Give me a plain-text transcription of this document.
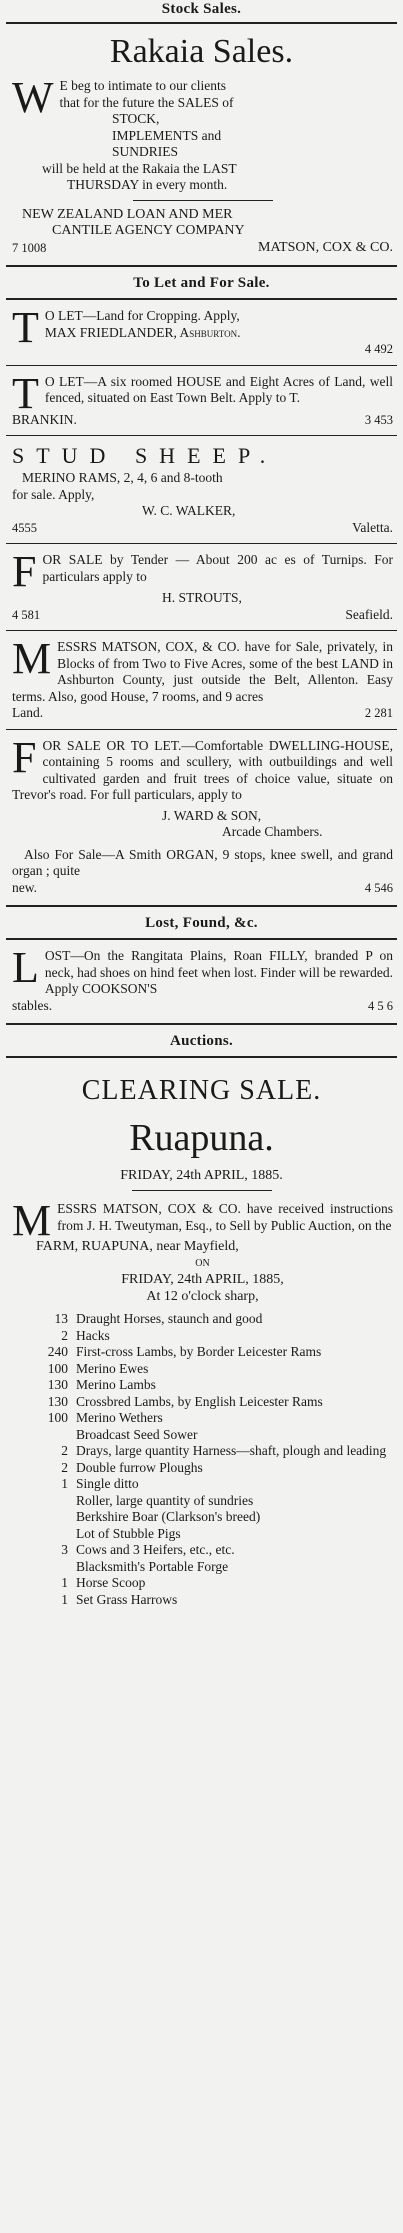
Stock Sales.
Rakaia Sales.
W E beg to intimate to our clients
that for the future the SALES of
STOCK,
IMPLEMENTS and
SUNDRIES
will be held at the Rakaia the LAST
THURSDAY in every month.
NEW ZEALAND LOAN AND MER
CANTILE AGENCY COMPANY
7 1008	MATSON, COX & CO.
To Let and For Sale.
T O LET—Land for Cropping. Apply,
MAX FRIEDLANDER, Ashburton.
4 492
T O LET—A six roomed HOUSE and Eight Acres of Land, well fenced, situated on East Town Belt. Apply to T.
BRANKIN.	3 453
STUD SHEEP.
MERINO RAMS, 2, 4, 6 and 8-tooth
for sale. Apply,
W. C. WALKER,
4555	Valetta.
F OR SALE by Tender — About 200 ac es of Turnips. For particulars apply to
H. STROUTS,
4 581	Seafield.
M ESSRS MATSON, COX, & CO. have for Sale, privately, in Blocks of from Two to Five Acres, some of the best LAND in Ashburton County, just outside the Belt, Allenton. Easy terms. Also, good House, 7 rooms, and 9 acres
Land.	2 281
F OR SALE OR TO LET.—Comfortable DWELLING-HOUSE, containing 5 rooms and scullery, with outbuildings and well cultivated garden and fruit trees of choice value, situate on Trevor's road. For full particulars, apply to
J. WARD & SON,
Arcade Chambers.
Also For Sale—A Smith ORGAN, 9 stops, knee swell, and grand organ ; quite
new.	4 546
Lost, Found, &c.
L OST—On the Rangitata Plains, Roan FILLY, branded P on neck, had shoes on hind feet when lost. Finder will be rewarded. Apply COOKSON'S
stables.	4 5 6
Auctions.
CLEARING SALE.
Ruapuna.
FRIDAY, 24th APRIL, 1885.
M ESSRS MATSON, COX & CO. have received instructions from J. H. Tweutyman, Esq., to Sell by Public Auction, on the
FARM, RUAPUNA, near Mayfield,
ON
FRIDAY, 24th APRIL, 1885,
At 12 o'clock sharp,
13 Draught Horses, staunch and good
2 Hacks
240 First-cross Lambs, by Border Leicester Rams
100 Merino Ewes
130 Merino Lambs
130 Crossbred Lambs, by English Leicester Rams
100 Merino Wethers
Broadcast Seed Sower
2 Drays, large quantity Harness—shaft, plough and leading
2 Double furrow Ploughs
1 Single ditto
Roller, large quantity of sundries
Berkshire Boar (Clarkson's breed)
Lot of Stubble Pigs
3 Cows and 3 Heifers, etc., etc.
Blacksmith's Portable Forge
1 Horse Scoop
1 Set Grass Harrows
